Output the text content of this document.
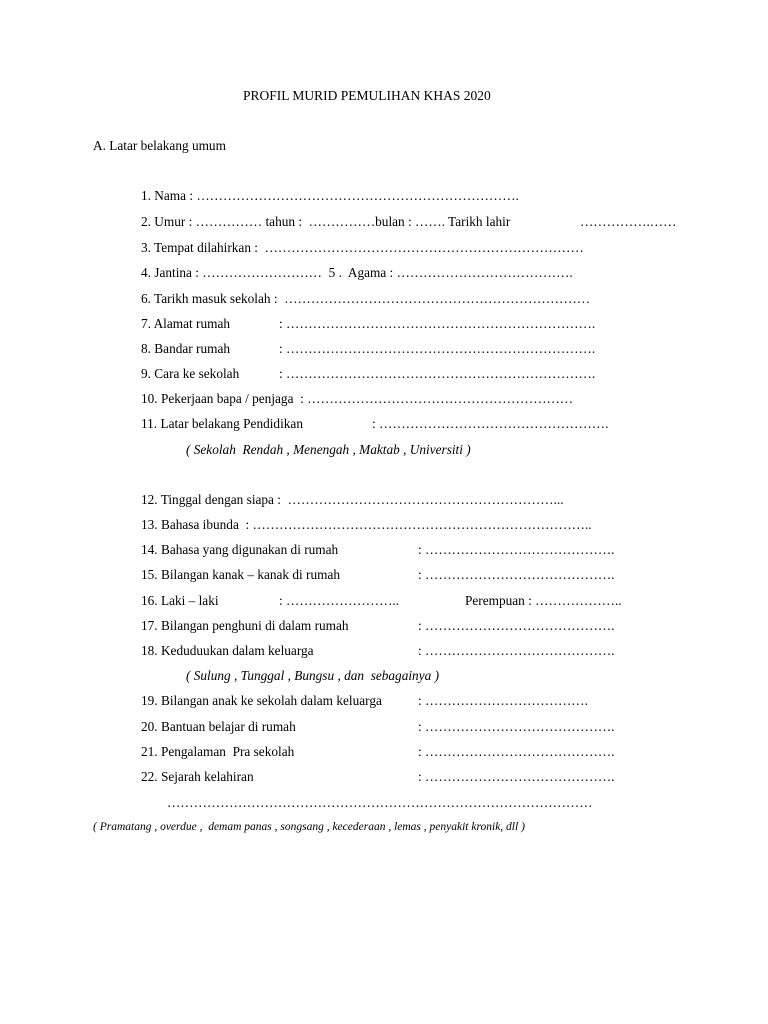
PROFIL MURID PEMULIHAN KHAS 2020
A. Latar belakang umum
1. Nama : ……………………………………………………………….
2. Umur : …………… tahun :  ……………bulan : ……. Tarikh lahir	…………….……
3. Tempat dilahirkan :  ………………………………………………………………
4. Jantina : ………………………  5 .  Agama : ………………………………….
6. Tarikh masuk sekolah :  ……………………………………………………………
7. Alamat rumah	: …………………………………………………………….
8. Bandar rumah	: …………………………………………………………….
9. Cara ke sekolah	: …………………………………………………………….
10. Pekerjaan bapa / penjaga  : ……………………………………………………
11. Latar belakang Pendidikan	: …………………………………………….
( Sekolah  Rendah , Menengah , Maktab , Universiti )
12. Tinggal dengan siapa :  ……………………………………………………...
13. Bahasa ibunda  : …………………………………………………………………..
14. Bahasa yang digunakan di rumah	: …………………………………….
15. Bilangan kanak – kanak di rumah	: …………………………………….
16. Laki – laki	: ……………………..	Perempuan : ………………..
17. Bilangan penghuni di dalam rumah	: …………………………………….
18. Keduduukan dalam keluarga	: …………………………………….
( Sulung , Tunggal , Bungsu , dan  sebagainya )
19. Bilangan anak ke sekolah dalam keluarga	: ……………………………….
20. Bantuan belajar di rumah	: …………………………………….
21. Pengalaman  Pra sekolah	: …………………………………….
22. Sejarah kelahiran	: …………………………………….
……………………………………………………………………………………
( Pramatang , overdue ,  demam panas , songsang , kecederaan , lemas , penyakit kronik, dll )
